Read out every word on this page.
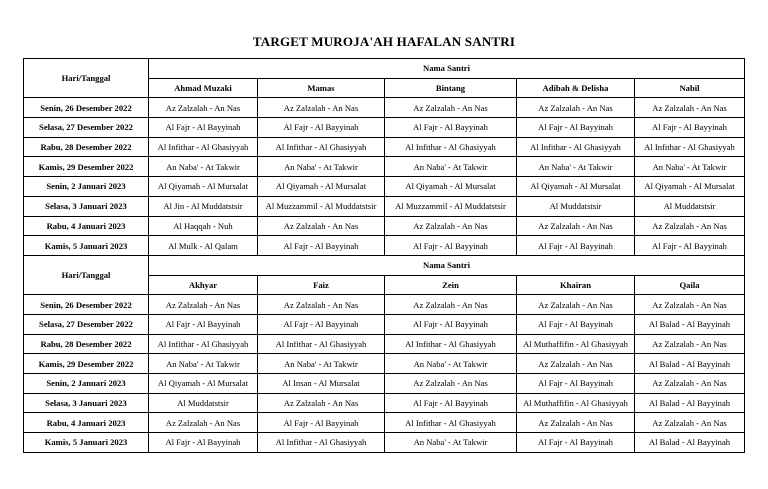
TARGET MUROJA'AH HAFALAN SANTRI
Hari/Tanggal	Nama Santri				
	Ahmad Muzaki	Mamas	Bintang	Adibah & Delisha	Nabil
Senin, 26 Desember 2022	Az Zalzalah - An Nas	Az Zalzalah - An Nas	Az Zalzalah - An Nas	Az Zalzalah - An Nas	Az Zalzalah - An Nas
Selasa, 27 Desember 2022	Al Fajr - Al Bayyinah	Al Fajr - Al Bayyinah	Al Fajr - Al Bayyinah	Al Fajr - Al Bayyinah	Al Fajr - Al Bayyinah
Rabu, 28 Desember 2022	Al Infithar - Al Ghasiyyah	Al Infithar - Al Ghasiyyah	Al Infithar - Al Ghasiyyah	Al Infithar - Al Ghasiyyah	Al Infithar - Al Ghasiyyah
Kamis, 29 Desember 2022	An Naba' - At Takwir	An Naba' - At Takwir	An Naba' - At Takwir	An Naba' - At Takwir	An Naba' - At Takwir
Senin, 2 Januari 2023	Al Qiyamah - Al Mursalat	Al Qiyamah - Al Mursalat	Al Qiyamah - Al Mursalat	Al Qiyamah - Al Mursalat	Al Qiyamah - Al Mursalat
Selasa, 3 Januari 2023	Al Jin - Al Muddatstsir	Al Muzzammil - Al Muddatstsir	Al Muzzammil - Al Muddatstsir	Al Muddatstsir	Al Muddatstsir
Rabu, 4 Januari 2023	Al Haqqah - Nuh	Az Zalzalah - An Nas	Az Zalzalah - An Nas	Az Zalzalah - An Nas	Az Zalzalah - An Nas
Kamis, 5 Januari 2023	Al Mulk - Al Qalam	Al Fajr - Al Bayyinah	Al Fajr - Al Bayyinah	Al Fajr - Al Bayyinah	Al Fajr - Al Bayyinah
Hari/Tanggal	Nama Santri				
	Akhyar	Faiz	Zein	Khairan	Qaila
Senin, 26 Desember 2022	Az Zalzalah - An Nas	Az Zalzalah - An Nas	Az Zalzalah - An Nas	Az Zalzalah - An Nas	Az Zalzalah - An Nas
Selasa, 27 Desember 2022	Al Fajr - Al Bayyinah	Al Fajr - Al Bayyinah	Al Fajr - Al Bayyinah	Al Fajr - Al Bayyinah	Al Balad - Al Bayyinah
Rabu, 28 Desember 2022	Al Infithar - Al Ghasiyyah	Al Infithar - Al Ghasiyyah	Al Infithar - Al Ghasiyyah	Al Muthaffifin - Al Ghasiyyah	Az Zalzalah - An Nas
Kamis, 29 Desember 2022	An Naba' - At Takwir	An Naba' - At Takwir	An Naba' - At Takwir	Az Zalzalah - An Nas	Al Balad - Al Bayyinah
Senin, 2 Januari 2023	Al Qiyamah - Al Mursalat	Al Insan - Al Mursalat	Az Zalzalah - An Nas	Al Fajr - Al Bayyinah	Az Zalzalah - An Nas
Selasa, 3 Januari 2023	Al Muddatstsir	Az Zalzalah - An Nas	Al Fajr - Al Bayyinah	Al Muthaffifin - Al Ghasiyyah	Al Balad - Al Bayyinah
Rabu, 4 Januari 2023	Az Zalzalah - An Nas	Al Fajr - Al Bayyinah	Al Infithar - Al Ghasiyyah	Az Zalzalah - An Nas	Az Zalzalah - An Nas
Kamis, 5 Januari 2023	Al Fajr - Al Bayyinah	Al Infithar - Al Ghasiyyah	An Naba' - At Takwir	Al Fajr - Al Bayyinah	Al Balad - Al Bayyinah
